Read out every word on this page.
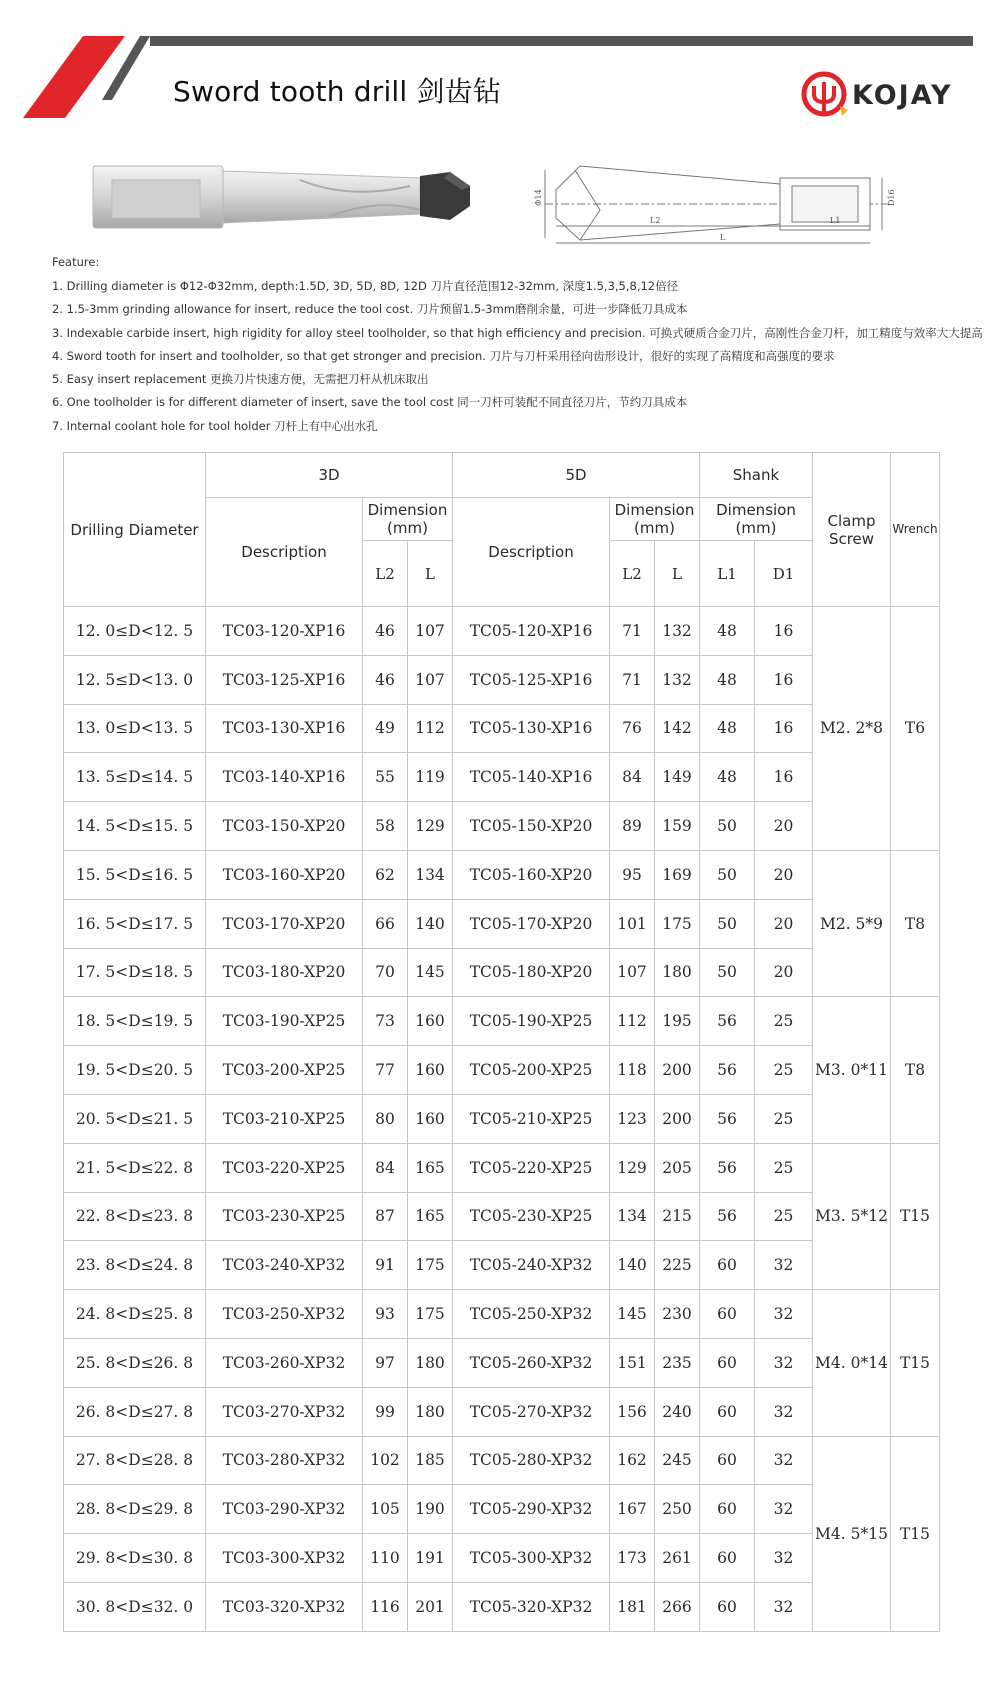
Sword tooth drill 剑齿钻	KOJAY
Φ14	D16
L2	L1
L
Feature:
1. Drilling diameter is Φ12-Φ32mm, depth:1.5D, 3D, 5D, 8D, 12D 刀片直径范围12-32mm, 深度1.5,3,5,8,12倍径
2. 1.5-3mm grinding allowance for insert, reduce the tool cost. 刀片预留1.5-3mm磨削余量，可进一步降低刀具成本
3. Indexable carbide insert, high rigidity for alloy steel toolholder, so that high efficiency and precision. 可换式硬质合金刀片，高刚性合金刀杆，加工精度与效率大大提高
4. Sword tooth for insert and toolholder, so that get stronger and precision. 刀片与刀杆采用径向齿形设计，很好的实现了高精度和高强度的要求
5. Easy insert replacement 更换刀片快速方便，无需把刀杆从机床取出
6. One toolholder is for different diameter of insert, save the tool cost 同一刀杆可装配不同直径刀片，节约刀具成本
7. Internal coolant hole for tool holder 刀杆上有中心出水孔
Drilling Diameter	3D			5D			Shank		Clamp Screw	Wrench
	Description	Dimension (mm)		Description	Dimension (mm)		Dimension (mm)			
		L2	L		L2	L	L1	D1		
12. 0≤D<12. 5	TC03-120-XP16	46	107	TC05-120-XP16	71	132	48	16	M2. 2*8	T6
12. 5≤D<13. 0	TC03-125-XP16	46	107	TC05-125-XP16	71	132	48	16		
13. 0≤D<13. 5	TC03-130-XP16	49	112	TC05-130-XP16	76	142	48	16		
13. 5≤D≤14. 5	TC03-140-XP16	55	119	TC05-140-XP16	84	149	48	16		
14. 5<D≤15. 5	TC03-150-XP20	58	129	TC05-150-XP20	89	159	50	20		
15. 5<D≤16. 5	TC03-160-XP20	62	134	TC05-160-XP20	95	169	50	20	M2. 5*9	T8
16. 5<D≤17. 5	TC03-170-XP20	66	140	TC05-170-XP20	101	175	50	20		
17. 5<D≤18. 5	TC03-180-XP20	70	145	TC05-180-XP20	107	180	50	20		
18. 5<D≤19. 5	TC03-190-XP25	73	160	TC05-190-XP25	112	195	56	25	M3. 0*11	T8
19. 5<D≤20. 5	TC03-200-XP25	77	160	TC05-200-XP25	118	200	56	25		
20. 5<D≤21. 5	TC03-210-XP25	80	160	TC05-210-XP25	123	200	56	25		
21. 5<D≤22. 8	TC03-220-XP25	84	165	TC05-220-XP25	129	205	56	25	M3. 5*12	T15
22. 8<D≤23. 8	TC03-230-XP25	87	165	TC05-230-XP25	134	215	56	25		
23. 8<D≤24. 8	TC03-240-XP32	91	175	TC05-240-XP32	140	225	60	32		
24. 8<D≤25. 8	TC03-250-XP32	93	175	TC05-250-XP32	145	230	60	32	M4. 0*14	T15
25. 8<D≤26. 8	TC03-260-XP32	97	180	TC05-260-XP32	151	235	60	32		
26. 8<D≤27. 8	TC03-270-XP32	99	180	TC05-270-XP32	156	240	60	32		
27. 8<D≤28. 8	TC03-280-XP32	102	185	TC05-280-XP32	162	245	60	32	M4. 5*15	T15
28. 8<D≤29. 8	TC03-290-XP32	105	190	TC05-290-XP32	167	250	60	32		
29. 8<D≤30. 8	TC03-300-XP32	110	191	TC05-300-XP32	173	261	60	32		
30. 8<D≤32. 0	TC03-320-XP32	116	201	TC05-320-XP32	181	266	60	32		
